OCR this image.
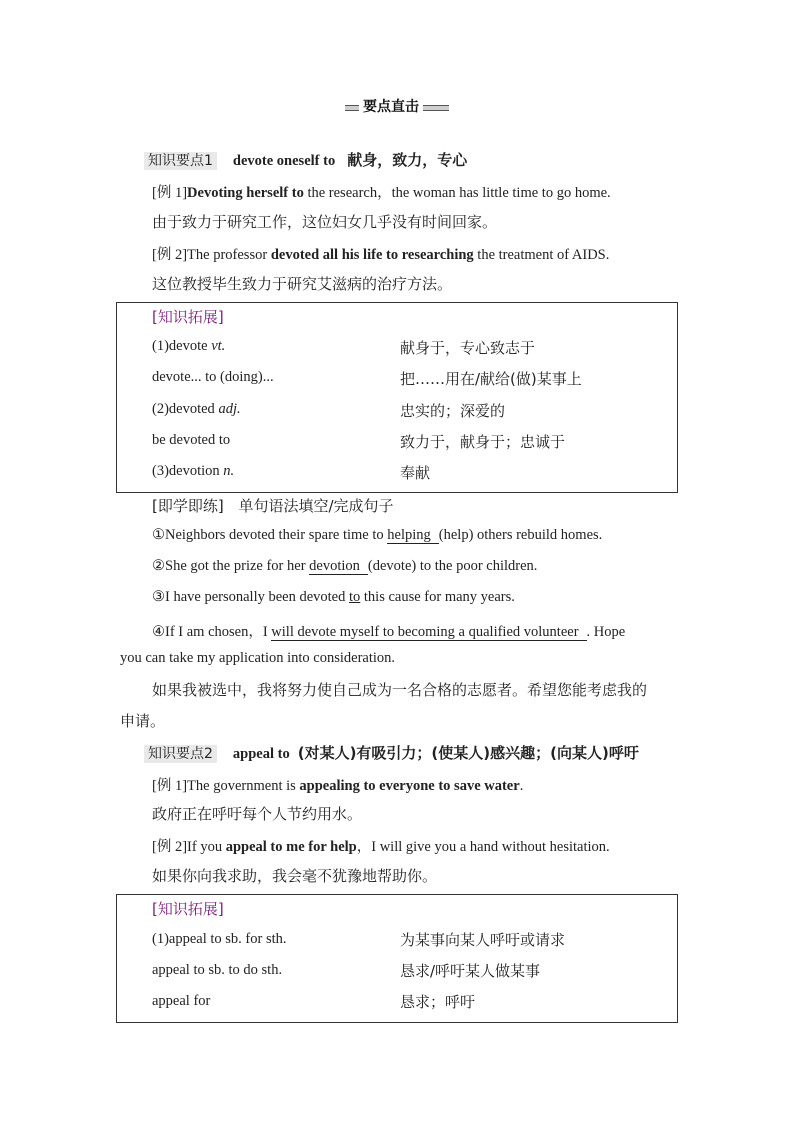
要点直击
知识要点1 devote oneself to 献身，致力，专心
[例 1]Devoting herself to the research，the woman has little time to go home.
由于致力于研究工作，这位妇女几乎没有时间回家。
[例 2]The professor devoted all his life to researching the treatment of AIDS.
这位教授毕生致力于研究艾滋病的治疗方法。
[知识拓展]
(1)devote vt.	献身于，专心致志于
devote... to (doing)...	把……用在/献给(做)某事上
(2)devoted adj.	忠实的；深爱的
be devoted to	致力于，献身于；忠诚于
(3)devotion n.	奉献
[即学即练] 单句语法填空/完成句子
①Neighbors devoted their spare time to helping (help) others rebuild homes.
②She got the prize for her devotion (devote) to the poor children.
③I have personally been devoted to this cause for many years.
④If I am chosen，I will devote myself to becoming a qualified volunteer . Hope
you can take my application into consideration.
如果我被选中，我将努力使自己成为一名合格的志愿者。希望您能考虑我的
申请。
知识要点2 appeal to (对某人)有吸引力；(使某人)感兴趣；(向某人)呼吁
[例 1]The government is appealing to everyone to save water.
政府正在呼吁每个人节约用水。
[例 2]If you appeal to me for help，I will give you a hand without hesitation.
如果你向我求助，我会毫不犹豫地帮助你。
[知识拓展]
(1)appeal to sb. for sth.	为某事向某人呼吁或请求
appeal to sb. to do sth.	恳求/呼吁某人做某事
appeal for	恳求；呼吁
